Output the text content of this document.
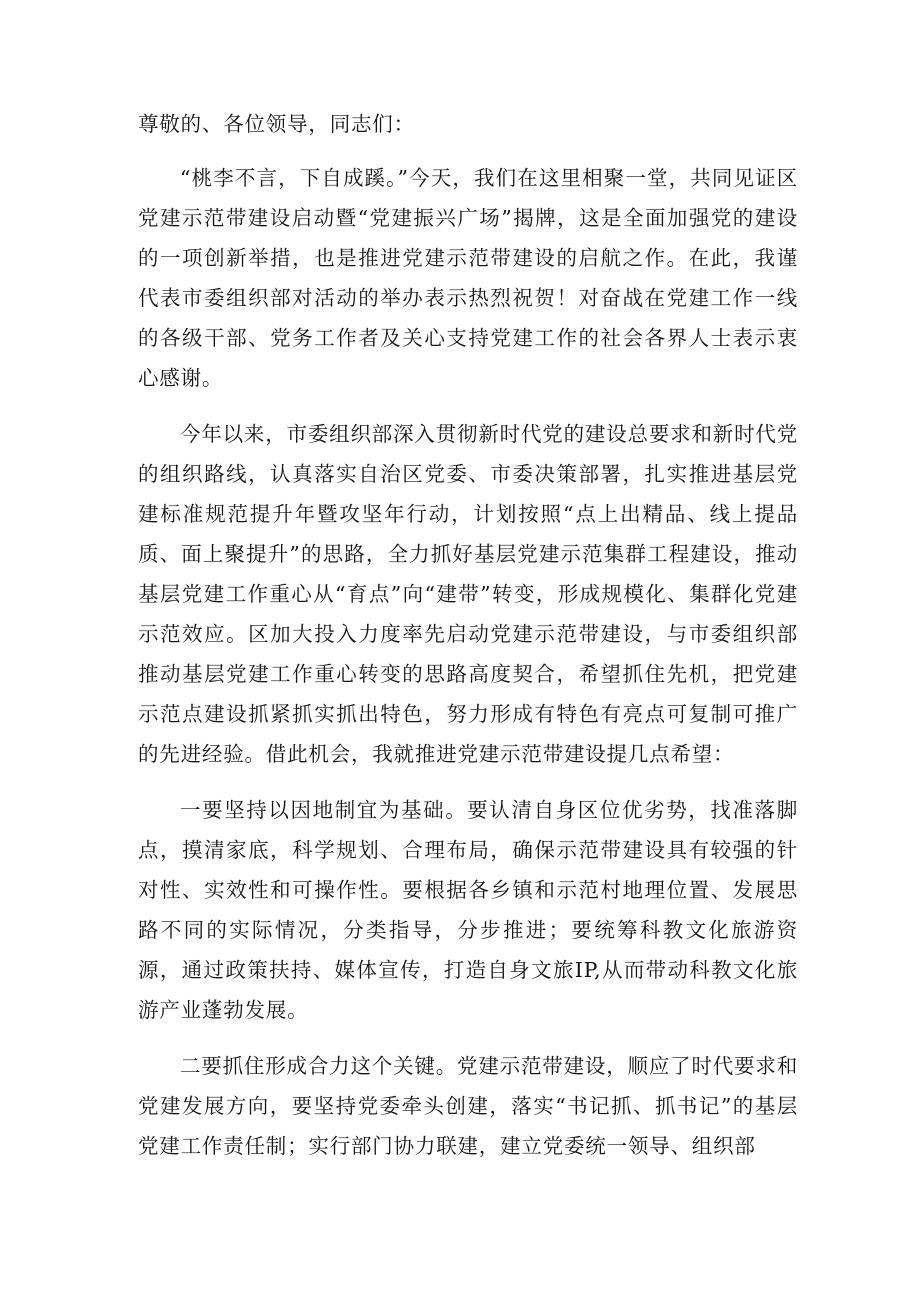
尊敬的、各位领导，同志们：

“桃李不言，下自成蹊。”今天，我们在这里相聚一堂，共同见证区党建示范带建设启动暨“党建振兴广场”揭牌，这是全面加强党的建设的一项创新举措，也是推进党建示范带建设的启航之作。在此，我谨代表市委组织部对活动的举办表示热烈祝贺！对奋战在党建工作一线的各级干部、党务工作者及关心支持党建工作的社会各界人士表示衷心感谢。

今年以来，市委组织部深入贯彻新时代党的建设总要求和新时代党的组织路线，认真落实自治区党委、市委决策部署，扎实推进基层党建标准规范提升年暨攻坚年行动，计划按照“点上出精品、线上提品质、面上聚提升”的思路，全力抓好基层党建示范集群工程建设，推动基层党建工作重心从“育点”向“建带”转变，形成规模化、集群化党建示范效应。区加大投入力度率先启动党建示范带建设，与市委组织部推动基层党建工作重心转变的思路高度契合，希望抓住先机，把党建示范点建设抓紧抓实抓出特色，努力形成有特色有亮点可复制可推广的先进经验。借此机会，我就推进党建示范带建设提几点希望：

一要坚持以因地制宜为基础。要认清自身区位优劣势，找准落脚点，摸清家底，科学规划、合理布局，确保示范带建设具有较强的针对性、实效性和可操作性。要根据各乡镇和示范村地理位置、发展思路不同的实际情况，分类指导，分步推进；要统筹科教文化旅游资源，通过政策扶持、媒体宣传，打造自身文旅IP,从而带动科教文化旅游产业蓬勃发展。

二要抓住形成合力这个关键。党建示范带建设，顺应了时代要求和党建发展方向，要坚持党委牵头创建，落实“书记抓、抓书记”的基层党建工作责任制；实行部门协力联建，建立党委统一领导、组织部
